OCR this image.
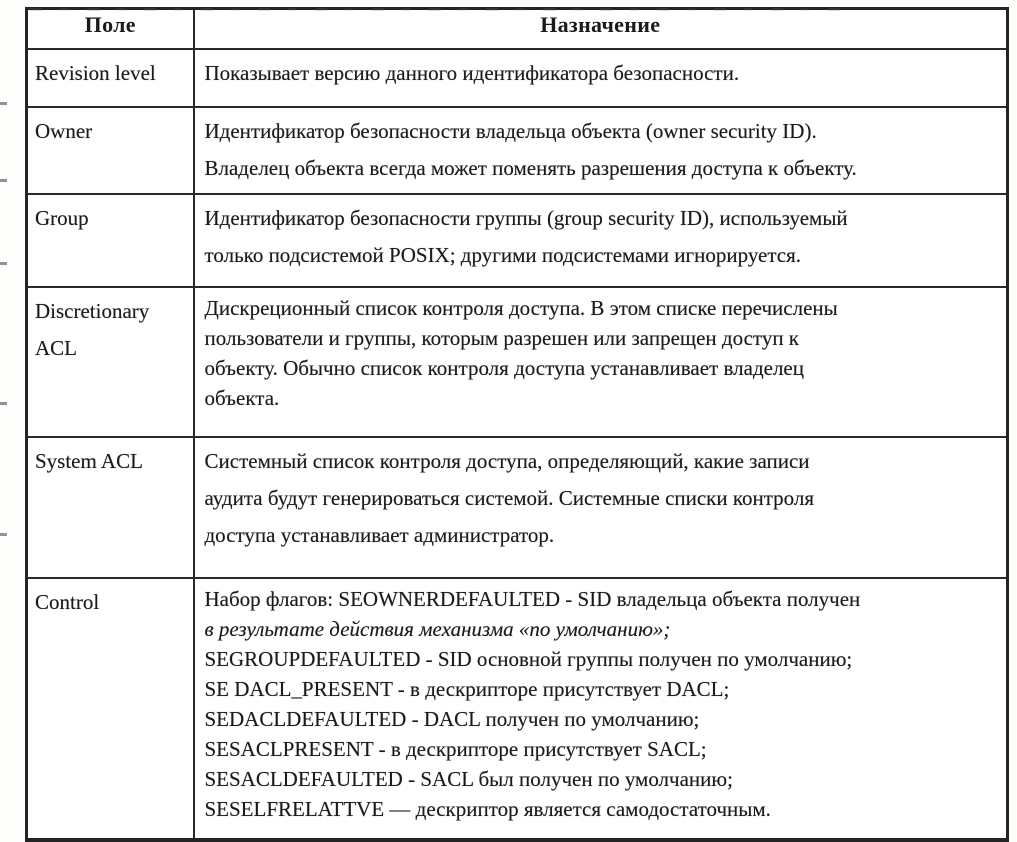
Поле	Назначение
Revision level	Показывает версию данного идентификатора безопасности.

Owner	Идентификатор безопасности владельца объекта (owner security ID).
Владелец объекта всегда может поменять разрешения доступа к объекту.

Group	Идентификатор безопасности группы (group security ID), используемый
только подсистемой POSIX; другими подсистемами игнорируется.

Discretionary ACL	Дискреционный список контроля доступа. В этом списке перечислены
пользователи и группы, которым разрешен или запрещен доступ к
объекту. Обычно список контроля доступа устанавливает владелец
объекта.

System ACL	Системный список контроля доступа, определяющий, какие записи
аудита будут генерироваться системой. Системные списки контроля
доступа устанавливает администратор.

Control	Набор флагов: SEOWNERDEFAULTED - SID владельца объекта получен
в результате действия механизма «по умолчанию»;
SEGROUPDEFAULTED - SID основной группы получен по умолчанию;
SE DACL_PRESENT - в дескрипторе присутствует DACL;
SEDACLDEFAULTED - DACL получен по умолчанию;
SESACLPRESENT - в дескрипторе присутствует SACL;
SESACLDEFAULTED - SACL был получен по умолчанию;
SESELFRELATTVE — дескриптор является самодостаточным.
